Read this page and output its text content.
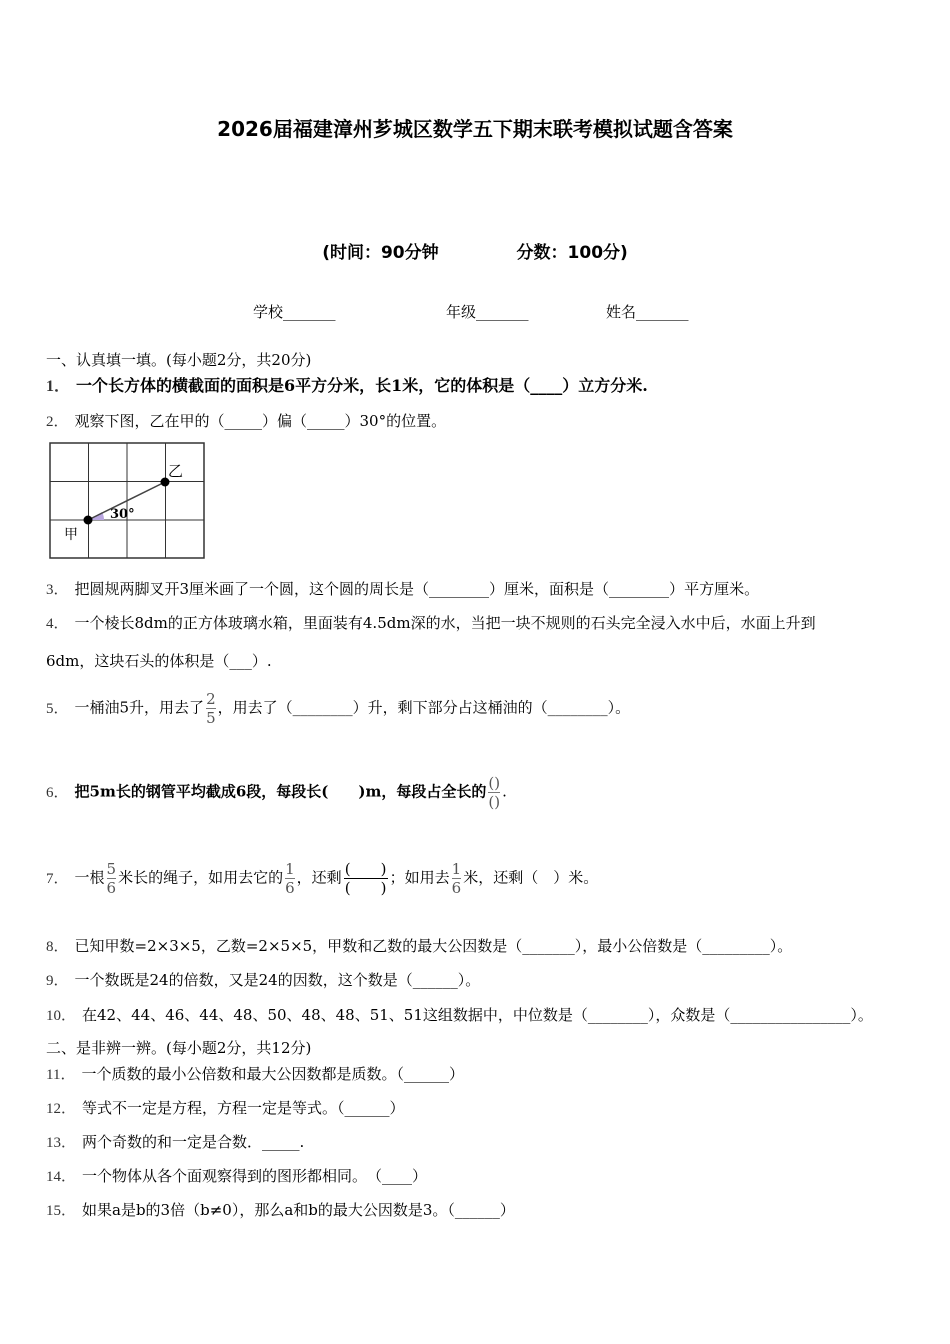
2026届福建漳州芗城区数学五下期末联考模拟试题含答案
(时间：90分钟	分数：100分)
学校_______	年级_______	姓名_______
一、认真填一填。(每小题2分，共20分)
1． 一个长方体的横截面的面积是6平方分米，长1米，它的体积是（____）立方分米.
2． 观察下图，乙在甲的（_____）偏（_____）30°的位置。
甲
乙
30°
3． 把圆规两脚叉开3厘米画了一个圆，这个圆的周长是（________）厘米，面积是（________）平方厘米。
4． 一个棱长8dm的正方体玻璃水箱，里面装有4.5dm深的水，当把一块不规则的石头完全浸入水中后，水面上升到
6dm，这块石头的体积是（___）.
5． 一桶油5升，用去了 $\frac{2}{5}$ ，用去了（________）升，剩下部分占这桶油的（________）。
6． 把5m长的钢管平均截成6段，每段长(　　)m，每段占全长的 $\frac{()}{()}$ .
7． 一根 $\frac{5}{6}$ 米长的绳子，如用去它的 $\frac{1}{6}$ ，还剩 $\frac{( )}{( )}$ ；如用去 $\frac{1}{6}$ 米，还剩（　）米。
8． 已知甲数=2×3×5，乙数=2×5×5，甲数和乙数的最大公因数是（_______），最小公倍数是（_________）。
9． 一个数既是24的倍数，又是24的因数，这个数是（______）。
10． 在42、44、46、44、48、50、48、48、51、51这组数据中，中位数是（________），众数是（________________）。
二、是非辨一辨。(每小题2分，共12分)
11． 一个质数的最小公倍数和最大公因数都是质数。（______）
12． 等式不一定是方程，方程一定是等式。（______）
13． 两个奇数的和一定是合数．_____.
14． 一个物体从各个面观察得到的图形都相同。　（____）
15． 如果a是b的3倍（b≠0），那么a和b的最大公因数是3。（______）
